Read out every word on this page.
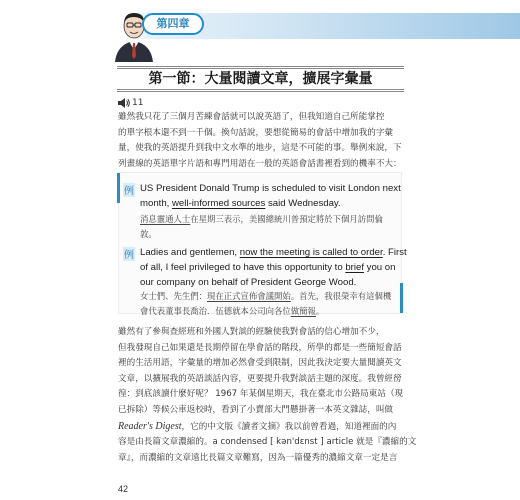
第四章
第一節：大量閱讀文章，擴展字彙量
11
雖然我只花了三個月苦練會話就可以說英語了，但我知道自己所能掌控
的單字根本還不到一千個。換句話說，要想從簡易的會話中增加我的字彙
量，使我的英語提升到我中文水準的地步，這是不可能的事。舉例來說，下
列畫線的英語單字片語和專門用語在一般的英語會話書裡看到的機率不大：
例 US President Donald Trump is scheduled to visit London next
month, well-informed sources said Wednesday.
消息靈通人士在星期三表示，美國總統川普預定將於下個月訪問倫
敦。
例 Ladies and gentlemen, now the meeting is called to order. First
of all, I feel privileged to have this opportunity to brief you on
our company on behalf of President George Wood.
女士們、先生們：現在正式宣佈會議開始。首先，我很榮幸有這個機
會代表董事長喬治．伍德就本公司向各位做簡報。
雖然有了參與查經班和外國人對談的經驗使我對會話的信心增加不少，
但我發現自己如果還是長期停留在學會話的階段，所學的都是一些簡短會話
裡的生活用語，字彙量的增加必然會受到限制，因此我決定要大量閱讀英文
文章，以擴展我的英語談話內容，更要提升我對談話主題的深度。我曾經徬
徨：到底該讀什麼好呢？ 1967 年某個星期天，我在臺北市公路局東站（現
已拆除）等候公車返校時，看到了小賣部大門懸掛著一本英文雜誌，叫做
Reader's Digest，它的中文版《讀者文摘》我以前曾看過，知道裡面的內
容是由長篇文章濃縮的。a condensed [ kən'dɛnst ] article 就是『濃縮的文
章』，而濃縮的文章遠比長篇文章難寫，因為一篇優秀的濃縮文章一定是言
42
